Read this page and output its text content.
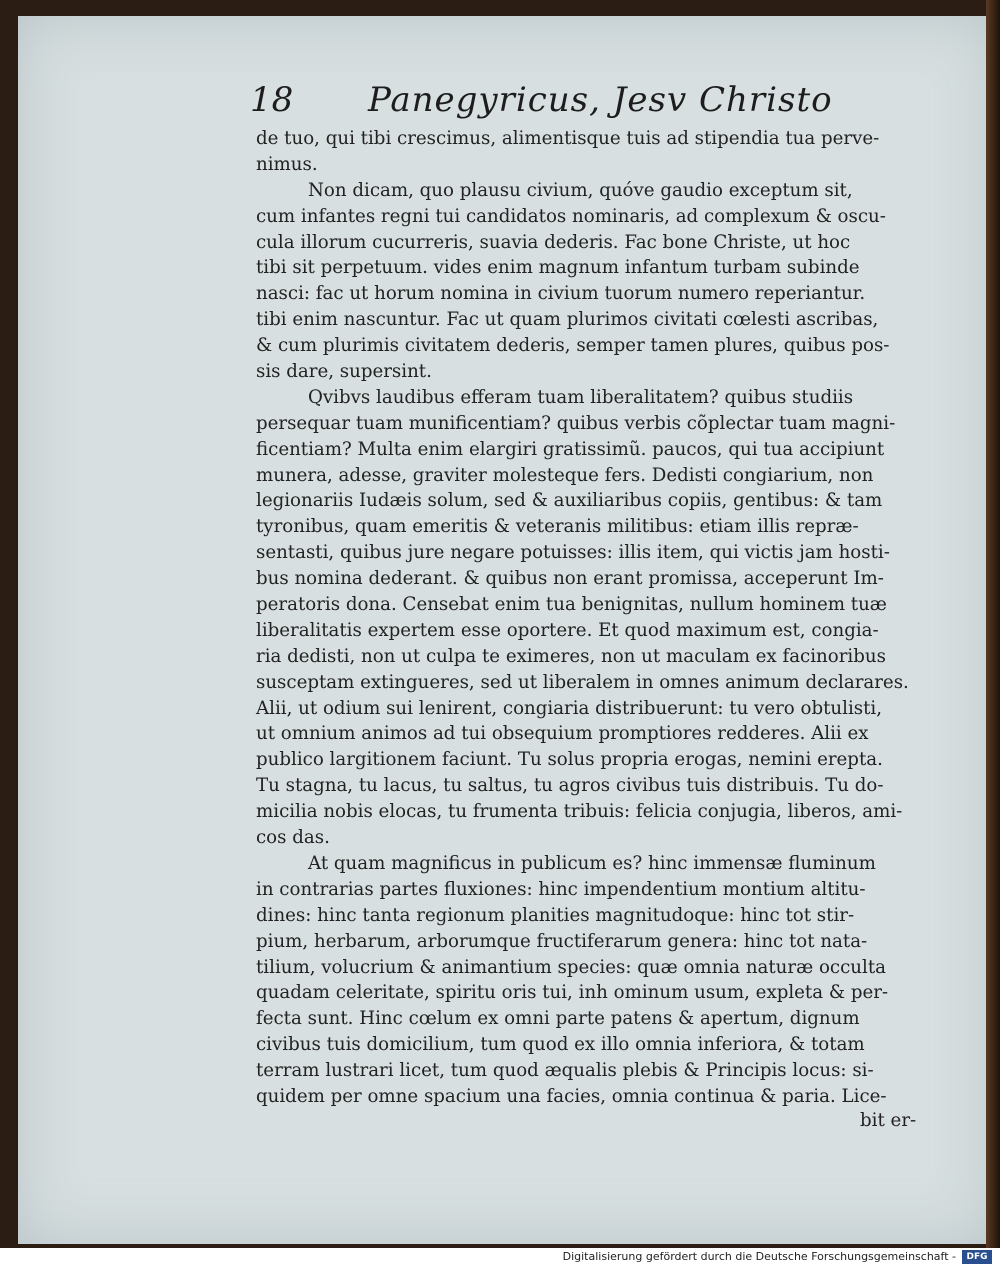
18 Panegyricus, Jesv Christo
de tuo, qui tibi crescimus, alimentisque tuis ad stipendia tua perve-
nimus.
Non dicam, quo plausu civium, quóve gaudio exceptum sit,
cum infantes regni tui candidatos nominaris, ad complexum & oscu-
cula illorum cucurreris, suavia dederis. Fac bone Christe, ut hoc
tibi sit perpetuum. vides enim magnum infantum turbam subinde
nasci: fac ut horum nomina in civium tuorum numero reperiantur.
tibi enim nascuntur. Fac ut quam plurimos civitati cœlesti ascribas,
& cum plurimis civitatem dederis, semper tamen plures, quibus pos-
sis dare, supersint.
Qvibvs laudibus efferam tuam liberalitatem? quibus studiis
persequar tuam munificentiam? quibus verbis cõplectar tuam magni-
ficentiam? Multa enim elargiri gratissimũ. paucos, qui tua accipiunt
munera, adesse, graviter molesteque fers. Dedisti congiarium, non
legionariis Iudæis solum, sed & auxiliaribus copiis, gentibus: & tam
tyronibus, quam emeritis & veteranis militibus: etiam illis repræ-
sentasti, quibus jure negare potuisses: illis item, qui victis jam hosti-
bus nomina dederant. & quibus non erant promissa, acceperunt Im-
peratoris dona. Censebat enim tua benignitas, nullum hominem tuæ
liberalitatis expertem esse oportere. Et quod maximum est, congia-
ria dedisti, non ut culpa te eximeres, non ut maculam ex facinoribus
susceptam extingueres, sed ut liberalem in omnes animum declarares.
Alii, ut odium sui lenirent, congiaria distribuerunt: tu vero obtulisti,
ut omnium animos ad tui obsequium promptiores redderes. Alii ex
publico largitionem faciunt. Tu solus propria erogas, nemini erepta.
Tu stagna, tu lacus, tu saltus, tu agros civibus tuis distribuis. Tu do-
micilia nobis elocas, tu frumenta tribuis: felicia conjugia, liberos, ami-
cos das.
At quam magnificus in publicum es? hinc immensæ fluminum
in contrarias partes fluxiones: hinc impendentium montium altitu-
dines: hinc tanta regionum planities magnitudoque: hinc tot stir-
pium, herbarum, arborumque fructiferarum genera: hinc tot nata-
tilium, volucrium & animantium species: quæ omnia naturæ occulta
quadam celeritate, spiritu oris tui, inh ominum usum, expleta & per-
fecta sunt. Hinc cœlum ex omni parte patens & apertum, dignum
civibus tuis domicilium, tum quod ex illo omnia inferiora, & totam
terram lustrari licet, tum quod æqualis plebis & Principis locus: si-
quidem per omne spacium una facies, omnia continua & paria. Lice-
bit er-
Digitalisierung gefördert durch die Deutsche Forschungsgemeinschaft -	DFG
